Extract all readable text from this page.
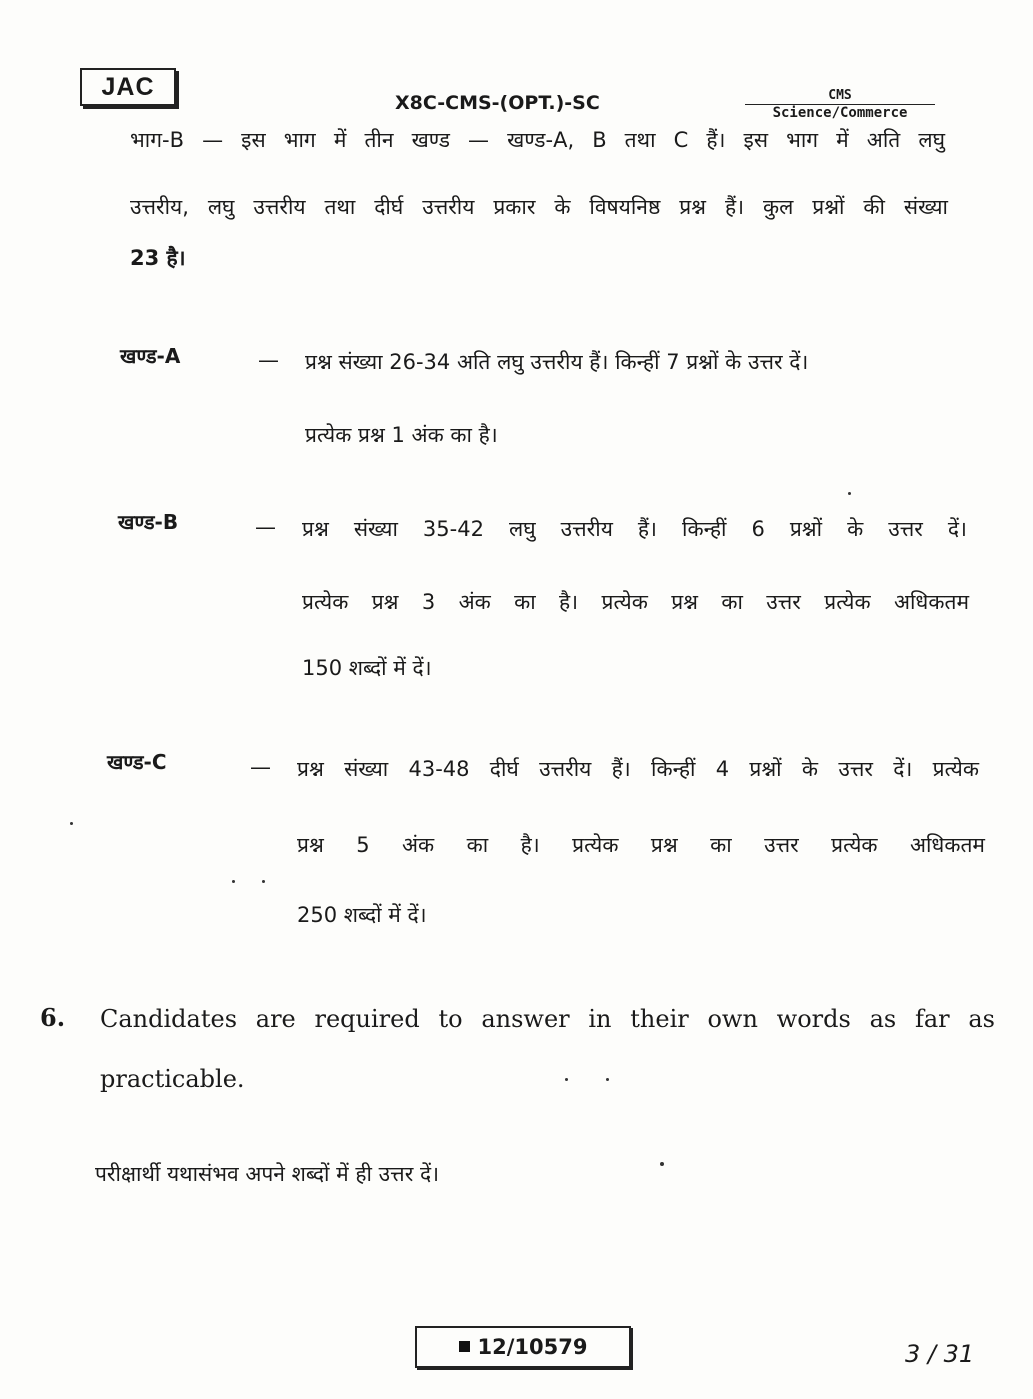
JAC
X8C-CMS-(OPT.)-SC	CMS
Science/Commerce
भाग-B — इस भाग में तीन खण्ड — खण्ड-A, B तथा C हैं। इस भाग में अति लघु
उत्तरीय, लघु उत्तरीय तथा दीर्घ उत्तरीय प्रकार के विषयनिष्ठ प्रश्न हैं। कुल प्रश्नों की संख्या
23 है।
खण्ड-A	— प्रश्न संख्या 26-34 अति लघु उत्तरीय हैं। किन्हीं 7 प्रश्नों के उत्तर दें।
प्रत्येक प्रश्न 1 अंक का है।
खण्ड-B	— प्रश्न संख्या 35-42 लघु उत्तरीय हैं। किन्हीं 6 प्रश्नों के उत्तर दें।
प्रत्येक प्रश्न 3 अंक का है। प्रत्येक प्रश्न का उत्तर प्रत्येक अधिकतम
150 शब्दों में दें।
खण्ड-C	— प्रश्न संख्या 43-48 दीर्घ उत्तरीय हैं। किन्हीं 4 प्रश्नों के उत्तर दें। प्रत्येक
प्रश्न 5 अंक का है। प्रत्येक प्रश्न का उत्तर प्रत्येक अधिकतम
250 शब्दों में दें।
6. Candidates are required to answer in their own words as far as
practicable.
परीक्षार्थी यथासंभव अपने शब्दों में ही उत्तर दें।
12/10579	3 / 31
